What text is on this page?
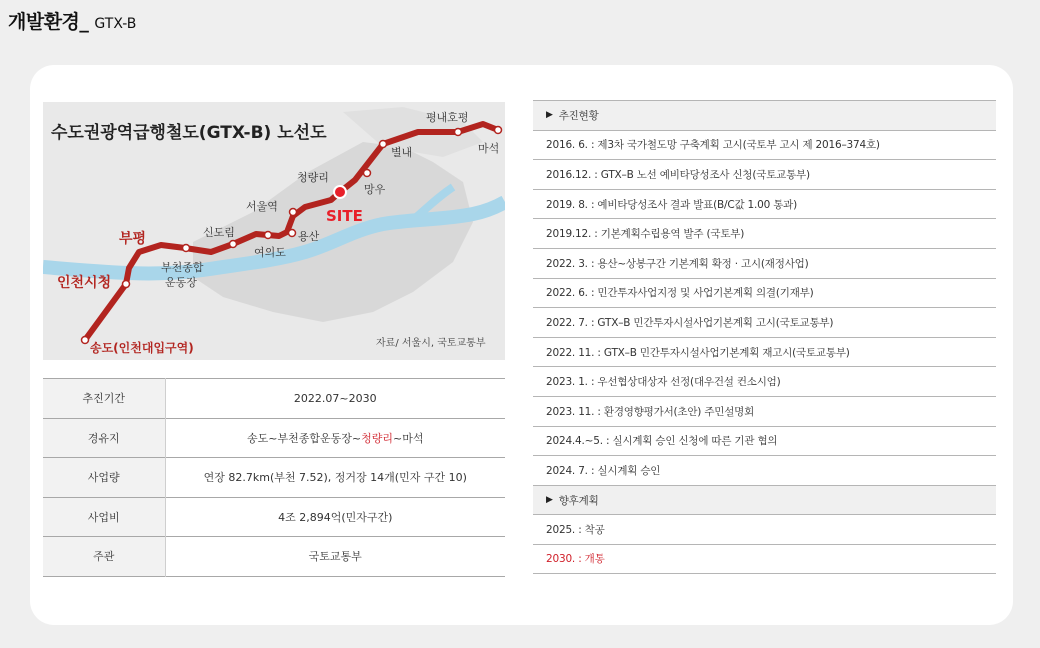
개발환경_ GTX-B
수도권광역급행철도(GTX-B) 노선도
송도(인천대입구역)
인천시청
부평
부천종합
운동장
신도림
여의도
서울역
용산
청량리
망우
별내
평내호평
마석
SITE
자료/ 서울시, 국토교통부
추진기간	2022.07~2030
경유지	송도~부천종합운동장~청량리~마석
사업량	연장 82.7km(부천 7.52), 정거장 14개(민자 구간 10)
사업비	4조 2,894억(민자구간)
주관	국토교통부
▶ 추진현황
2016. 6. : 제3차 국가철도망 구축계획 고시(국토부 고시 제 2016–374호)
2016.12. : GTX–B 노선 예비타당성조사 신청(국토교통부)
2019. 8. : 예비타당성조사 결과 발표(B/C값 1.00 통과)
2019.12. : 기본계획수립용역 발주 (국토부)
2022. 3. : 용산~상봉구간 기본계획 확정 · 고시(재정사업)
2022. 6. : 민간투자사업지정 및 사업기본계획 의결(기재부)
2022. 7. : GTX–B 민간투자시설사업기본계획 고시(국토교통부)
2022. 11. : GTX–B 민간투자시설사업기본계획 재고시(국토교통부)
2023. 1. : 우선협상대상자 선정(대우건설 컨소시엄)
2023. 11. : 환경영향평가서(초안) 주민설명회
2024.4.~5. : 실시계획 승인 신청에 따른 기관 협의
2024. 7. : 실시계획 승인
▶ 향후계획
2025. : 착공
2030. : 개통
